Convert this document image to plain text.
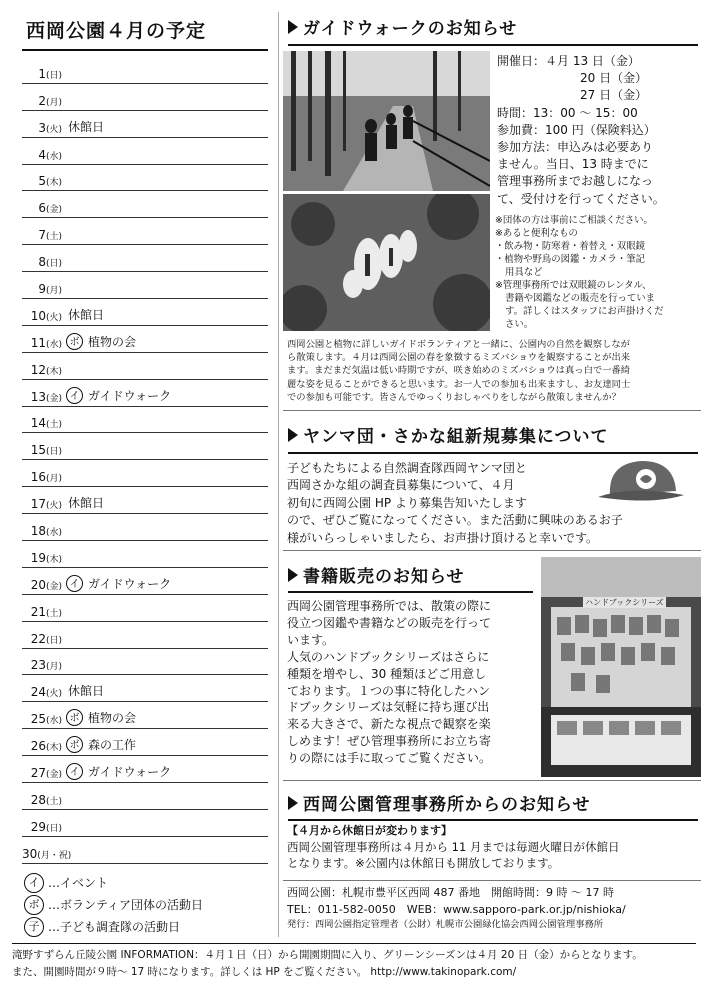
西岡公園４月の予定
1(日)
2(月)
3(火) 休館日
4(水)
5(木)
6(金)
7(土)
8(日)
9(月)
10(火) 休館日
11(水) ボ 植物の会
12(木)
13(金) イ ガイドウォーク
14(土)
15(日)
16(月)
17(火) 休館日
18(水)
19(木)
20(金) イ ガイドウォーク
21(土)
22(日)
23(月)
24(火) 休館日
25(水) ボ 植物の会
26(木) ボ 森の工作
27(金) イ ガイドウォーク
28(土)
29(日)
30(月・祝)
イ …イベント
ボ …ボランティア団体の活動日
子 …子ども調査隊の活動日
ガイドウォークのお知らせ
開催日：４月 13 日（金）
20 日（金）
27 日（金）
時間：13：00 〜 15：00
参加費：100 円（保険料込）
参加方法：申込みは必要あり
ません。当日、13 時までに
管理事務所までお越しになっ
て、受付けを行ってください。
※団体の方は事前にご相談ください。
※あると便利なもの
・飲み物・防寒着・着替え・双眼鏡
・植物や野鳥の図鑑・カメラ・筆記
用具など
※管理事務所では双眼鏡のレンタル、
書籍や図鑑などの販売を行っていま
す。詳しくはスタッフにお声掛けくだ
さい。
西岡公園と植物に詳しいガイドボランティアと一緒に、公園内の自然を観察しなが
ら散策します。４月は西岡公園の春を象徴するミズバショウを観察することが出来
ます。まだまだ気温は低い時期ですが、咲き始めのミズバショウは真っ白で一番綺
麗な姿を見ることができると思います。お一人での参加も出来ますし、お友達同士
での参加も可能です。皆さんでゆっくりおしゃべりをしながら散策しませんか？
ヤンマ団・さかな組新規募集について
子どもたちによる自然調査隊西岡ヤンマ団と
西岡さかな組の調査員募集について、４月
初旬に西岡公園 HP より募集告知いたします
ので、ぜひご覧になってください。また活動に興味のあるお子
様がいらっしゃいましたら、お声掛け頂けると幸いです。
書籍販売のお知らせ
西岡公園管理事務所では、散策の際に
役立つ図鑑や書籍などの販売を行って
います。
人気のハンドブックシリーズはさらに
種類を増やし、30 種類ほどご用意し
ております。１つの事に特化したハン
ドブックシリーズは気軽に持ち運び出
来る大きさで、新たな視点で観察を楽
しめます！ぜひ管理事務所にお立ち寄
りの際には手に取ってご覧ください。
ハンドブックシリーズ
西岡公園管理事務所からのお知らせ
【４月から休館日が変わります】
西岡公園管理事務所は４月から 11 月までは毎週火曜日が休館日
となります。※公園内は休館日も開放しております。
西岡公園：札幌市豊平区西岡 487 番地　開館時間：9 時 〜 17 時
TEL：011-582-0050　WEB：www.sapporo-park.or.jp/nishioka/
発行：西岡公園指定管理者（公財）札幌市公園緑化協会西岡公園管理事務所
滝野すずらん丘陵公園 INFORMATION：４月１日（日）から開園期間に入り、グリーンシーズンは４月 20 日（金）からとなります。
また、開園時間が９時〜 17 時になります。詳しくは HP をご覧ください。 http://www.takinopark.com/
